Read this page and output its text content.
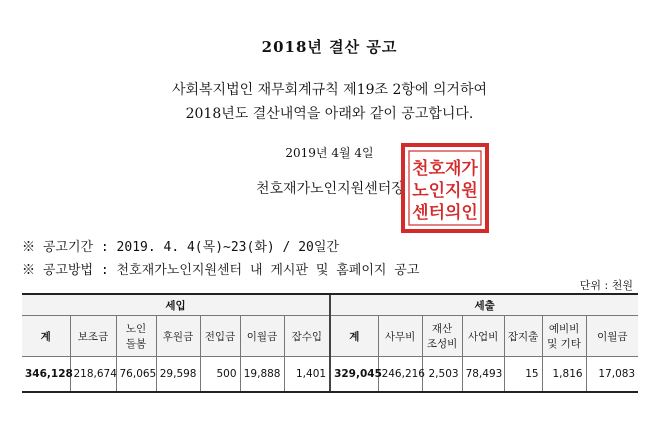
2018년 결산 공고
사회복지법인 재무회계규칙 제19조 2항에 의거하여
2018년도 결산내역을 아래와 같이 공고합니다.
2019년 4월 4일
천호재가노인지원센터장
천호재가
노인지원
센터의인
※ 공고기간 : 2019. 4. 4(목)~23(화) / 20일간
※ 공고방법 : 천호재가노인지원센터 내 게시판 및 홈페이지 공고
단위 : 천원
세입							세출						
계	보조금	노인
돌봄	후원금	전입금	이월금	잡수입	계	사무비	재산
조성비	사업비	잡지출	예비비
및 기타	이월금
346,128	218,674	76,065	29,598	500	19,888	1,401	329,045	246,216	2,503	78,493	15	1,816	17,083
